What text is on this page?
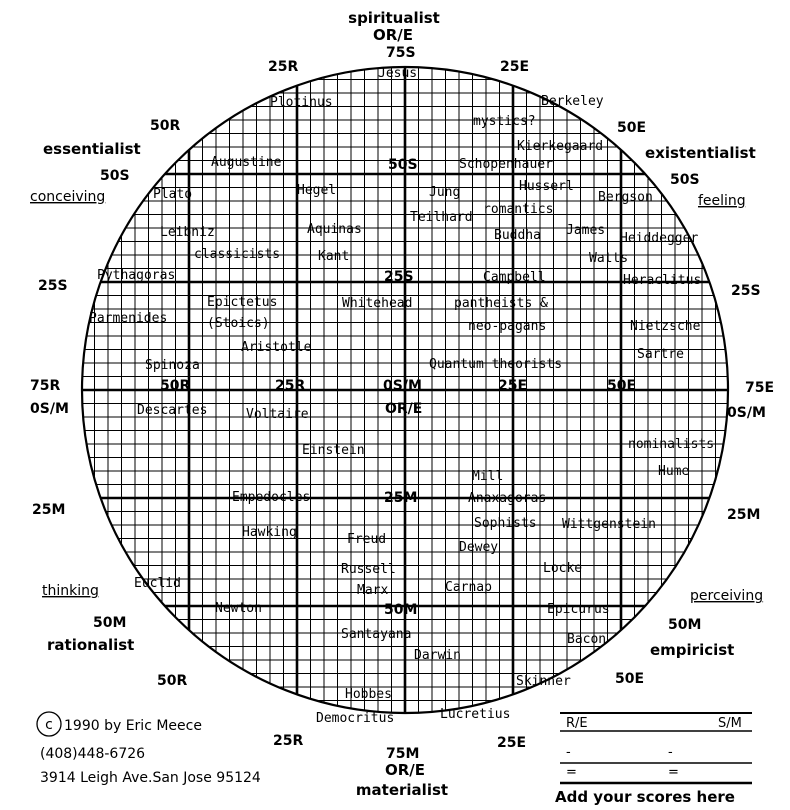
spiritualist
OR/E
essentialist	existentialist
rationalist	empiricist
OR/E
materialist
conceiving	feeling
thinking	perceiving
75S
25R	25E
50R	50E
50S	50S
50S
25S	25S
25S
75R	50R	25R	0S/M	25E	50E	75E
0S/M	0S/M
OR/E
25M	25M
25M
50M	50M
50M
50R	50E
25R	25E
75M
Jesus
Plotinus	Berkeley
mystics?
Kierkegaard
Augustine	Schopenhauer
Plato	Hegel	Jung	Husserl
Bergson
romantics
Teilhard
Leibniz	Aquinas	Buddha James
Heiddegger
classicists	Kant	Watts
Pythagoras	Campbell	Heraclitus
Epictetus	Whitehead	pantheists &
neo-pagans
Parmenides	(Stoics)	Nietzsche
Aristotle	Sartre
Spinoza	Quantum theorists
Descartes	Voltaire
Einstein	nominalists
Hume
Mill
Empedocles	Anaxagoras
Sophists Wittgenstein
Hawking	Freud
Dewey
Russell	Locke
Euclid	Marx	Carnap
Newton	Epicurus
Santayana	Bacon
Darwin
Skinner
Hobbes
Democritus	Lucretius
c 1990 by Eric Meece
(408)448-6726
3914 Leigh Ave.San Jose 95124
R/E	S/M
-	-
=	=
Add your scores here
